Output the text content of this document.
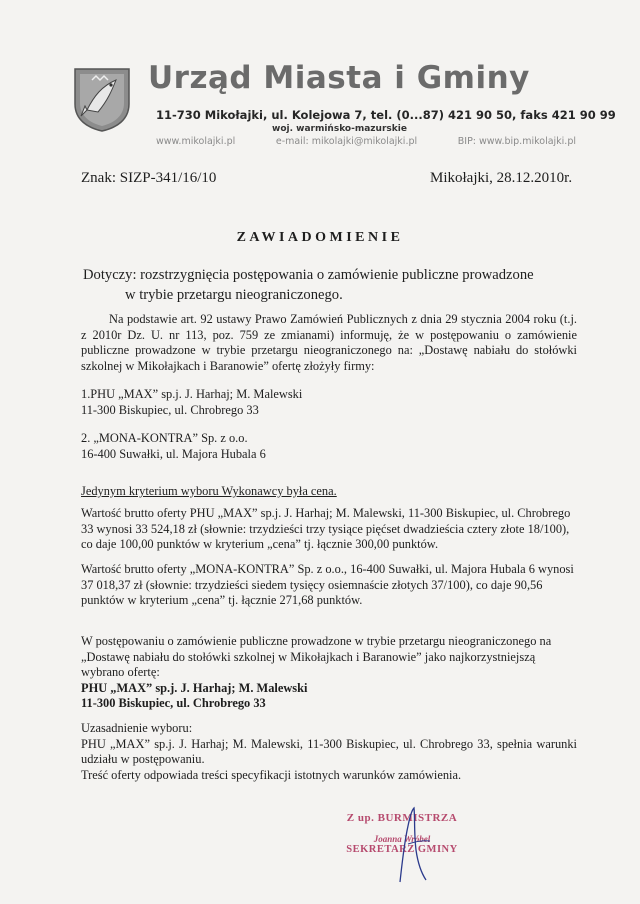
Urząd Miasta i Gminy
11-730 Mikołajki, ul. Kolejowa 7, tel. (0...87) 421 90 50, faks 421 90 99
woj. warmińsko-mazurskie
www.mikolajki.pl	e-mail: mikolajki@mikolajki.pl	BIP: www.bip.mikolajki.pl
Znak: SIZP-341/16/10	Mikołajki, 28.12.2010r.
ZAWIADOMIENIE
Dotyczy: rozstrzygnięcia postępowania o zamówienie publiczne prowadzone
w trybie przetargu nieograniczonego.
Na podstawie art. 92 ustawy Prawo Zamówień Publicznych z dnia 29 stycznia 2004 roku (t.j. z 2010r Dz. U. nr 113, poz. 759 ze zmianami) informuję, że w postępowaniu o zamówienie publiczne prowadzone w trybie przetargu nieograniczonego na: „Dostawę nabiału do stołówki szkolnej w Mikołajkach i Baranowie” ofertę złożyły firmy:
1.PHU „MAX” sp.j. J. Harhaj; M. Malewski
11-300 Biskupiec, ul. Chrobrego 33
2. „MONA-KONTRA” Sp. z o.o.
16-400 Suwałki, ul. Majora Hubala 6
Jedynym kryterium wyboru Wykonawcy była cena.
Wartość brutto oferty PHU „MAX” sp.j. J. Harhaj; M. Malewski, 11-300 Biskupiec, ul. Chrobrego 33 wynosi 33 524,18 zł (słownie: trzydzieści trzy tysiące pięćset dwadzieścia cztery złote 18/100), co daje 100,00 punktów w kryterium „cena” tj. łącznie 300,00 punktów.
Wartość brutto oferty „MONA-KONTRA” Sp. z o.o., 16-400 Suwałki, ul. Majora Hubala 6 wynosi 37 018,37 zł (słownie: trzydzieści siedem tysięcy osiemnaście złotych 37/100), co daje 90,56 punktów w kryterium „cena” tj. łącznie 271,68 punktów.
W postępowaniu o zamówienie publiczne prowadzone w trybie przetargu nieograniczonego na „Dostawę nabiału do stołówki szkolnej w Mikołajkach i Baranowie” jako najkorzystniejszą wybrano ofertę:
PHU „MAX” sp.j. J. Harhaj; M. Malewski
11-300 Biskupiec, ul. Chrobrego 33
Uzasadnienie wyboru:
PHU „MAX” sp.j. J. Harhaj; M. Malewski, 11-300 Biskupiec, ul. Chrobrego 33, spełnia warunki udziału w postępowaniu.
Treść oferty odpowiada treści specyfikacji istotnych warunków zamówienia.
Z up. BURMISTRZA
Joanna Wróbel
SEKRETARZ GMINY
